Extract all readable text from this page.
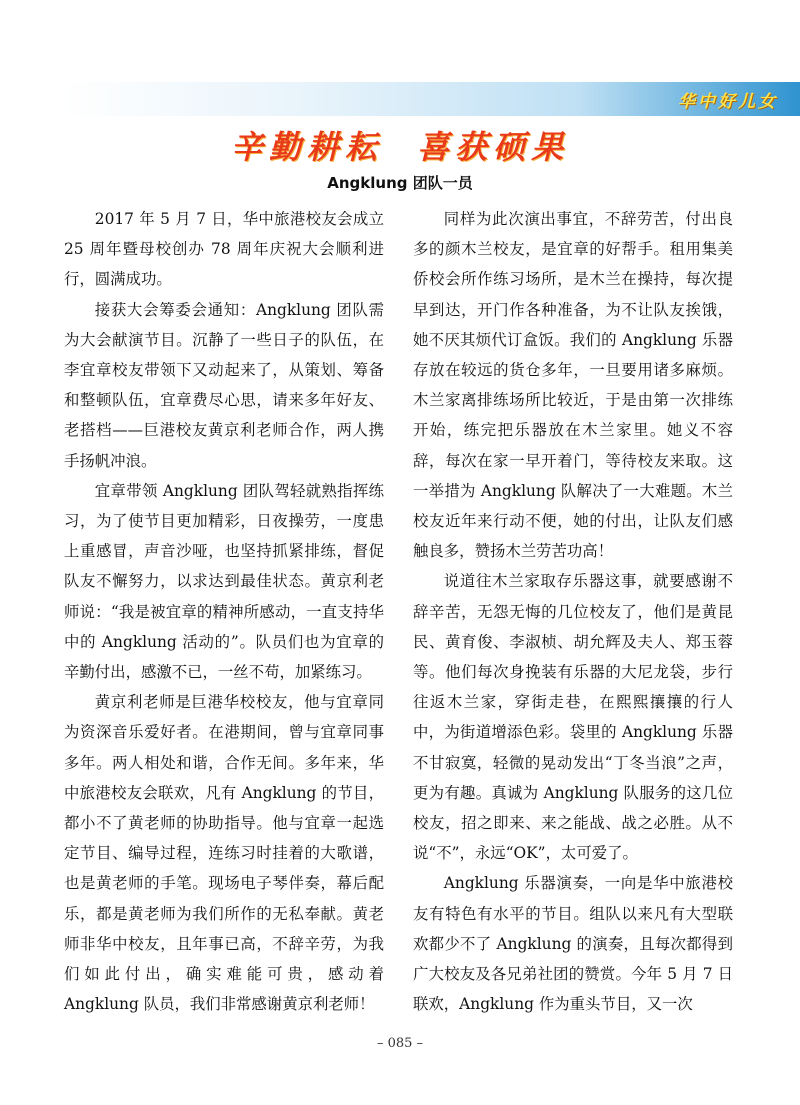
华中好儿女
辛勤耕耘  喜获硕果
Angklung 团队一员

2017 年 5 月 7 日，华中旅港校友会成立 25 周年暨母校创办 78 周年庆祝大会顺利进行，圆满成功。

接获大会筹委会通知：Angklung 团队需为大会献演节目。沉静了一些日子的队伍，在李宜章校友带领下又动起来了，从策划、筹备和整顿队伍，宜章费尽心思，请来多年好友、老搭档——巨港校友黄京利老师合作，两人携手扬帆冲浪。

宜章带领 Angklung 团队驾轻就熟指挥练习，为了使节目更加精彩，日夜操劳，一度患上重感冒，声音沙哑，也坚持抓紧排练，督促队友不懈努力，以求达到最佳状态。黄京利老师说：“我是被宜章的精神所感动，一直支持华中的 Angklung 活动的”。队员们也为宜章的辛勤付出，感激不已，一丝不苟，加紧练习。

黄京利老师是巨港华校校友，他与宜章同为资深音乐爱好者。在港期间，曾与宜章同事多年。两人相处和谐，合作无间。多年来，华中旅港校友会联欢，凡有 Angklung 的节目，都小不了黄老师的协助指导。他与宜章一起选定节目、编导过程，连练习时挂着的大歌谱，也是黄老师的手笔。现场电子琴伴奏，幕后配乐，都是黄老师为我们所作的无私奉献。黄老师非华中校友，且年事已高，不辞辛劳，为我们如此付出，确实难能可贵，感动着 Angklung 队员，我们非常感谢黄京利老师！

同样为此次演出事宜，不辞劳苦，付出良多的颜木兰校友，是宜章的好帮手。租用集美侨校会所作练习场所，是木兰在操持，每次提早到达，开门作各种准备，为不让队友挨饿，她不厌其烦代订盒饭。我们的 Angklung 乐器存放在较远的货仓多年，一旦要用诸多麻烦。木兰家离排练场所比较近，于是由第一次排练开始，练完把乐器放在木兰家里。她义不容辞，每次在家一早开着门，等待校友来取。这一举措为 Angklung 队解决了一大难题。木兰校友近年来行动不便，她的付出，让队友们感触良多，赞扬木兰劳苦功高！

说道往木兰家取存乐器这事，就要感谢不辞辛苦，无怨无悔的几位校友了，他们是黄昆民、黄育俊、李淑桢、胡允辉及夫人、郑玉蓉等。他们每次身挽装有乐器的大尼龙袋，步行往返木兰家，穿街走巷，在熙熙攘攘的行人中，为街道增添色彩。袋里的 Angklung 乐器不甘寂寞，轻微的晃动发出“丁冬当浪”之声，更为有趣。真诚为 Angklung 队服务的这几位校友，招之即来、来之能战、战之必胜。从不说“不”，永远“OK”，太可爱了。

Angklung 乐器演奏，一向是华中旅港校友有特色有水平的节目。组队以来凡有大型联欢都少不了 Angklung 的演奏，且每次都得到广大校友及各兄弟社团的赞赏。今年 5 月 7 日联欢，Angklung 作为重头节目，又一次

– 085 –
